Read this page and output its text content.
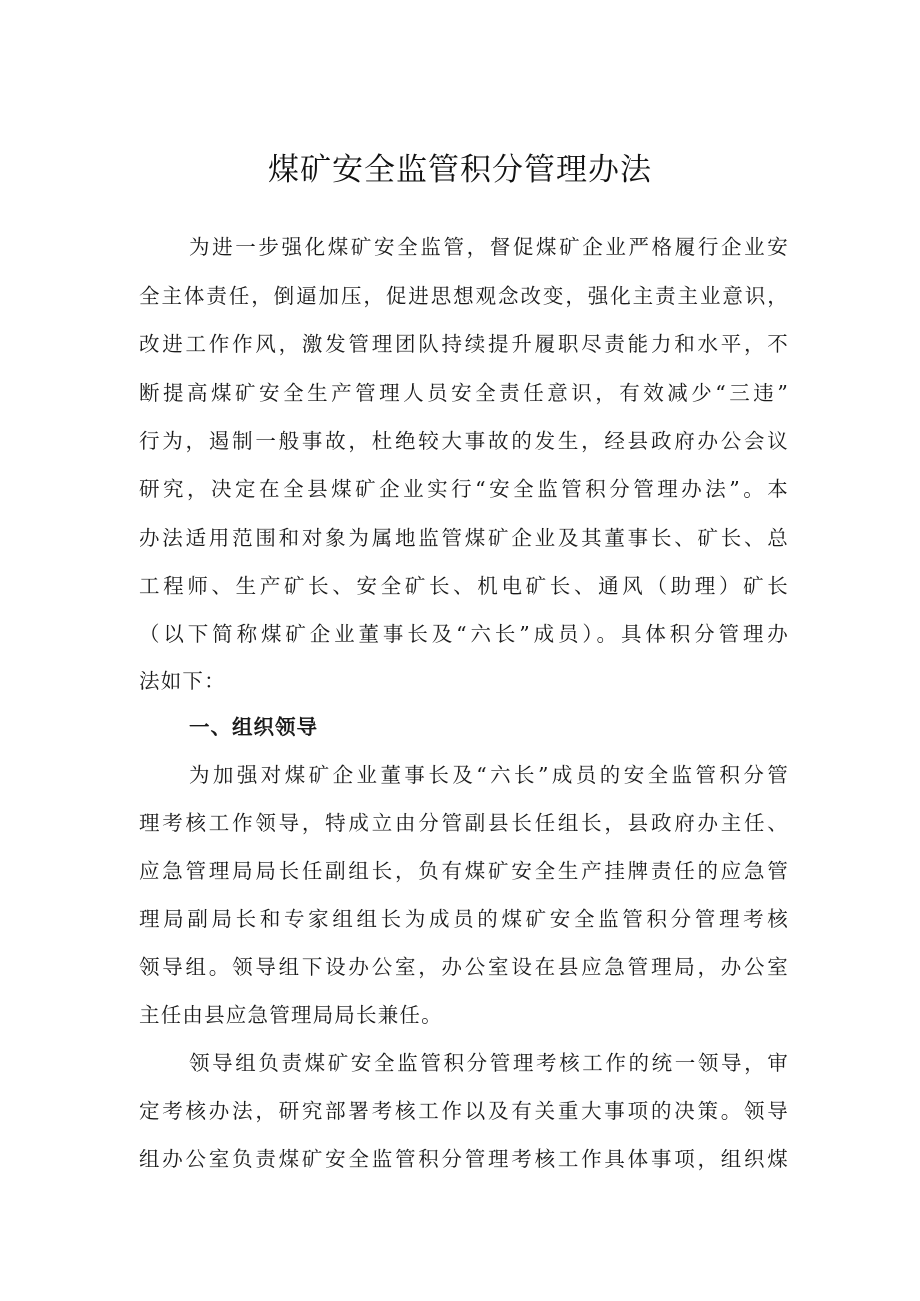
煤矿安全监管积分管理办法
为进一步强化煤矿安全监管，督促煤矿企业严格履行企业安
全主体责任，倒逼加压，促进思想观念改变，强化主责主业意识，
改进工作作风，激发管理团队持续提升履职尽责能力和水平，不
断提高煤矿安全生产管理人员安全责任意识，有效减少“三违”
行为，遏制一般事故，杜绝较大事故的发生，经县政府办公会议
研究，决定在全县煤矿企业实行“安全监管积分管理办法”。本
办法适用范围和对象为属地监管煤矿企业及其董事长、矿长、总
工程师、生产矿长、安全矿长、机电矿长、通风（助理）矿长
（以下简称煤矿企业董事长及“六长”成员）。具体积分管理办
法如下：
一、组织领导
为加强对煤矿企业董事长及“六长”成员的安全监管积分管
理考核工作领导，特成立由分管副县长任组长，县政府办主任、
应急管理局局长任副组长，负有煤矿安全生产挂牌责任的应急管
理局副局长和专家组组长为成员的煤矿安全监管积分管理考核
领导组。领导组下设办公室，办公室设在县应急管理局，办公室
主任由县应急管理局局长兼任。
领导组负责煤矿安全监管积分管理考核工作的统一领导，审
定考核办法，研究部署考核工作以及有关重大事项的决策。领导
组办公室负责煤矿安全监管积分管理考核工作具体事项，组织煤
